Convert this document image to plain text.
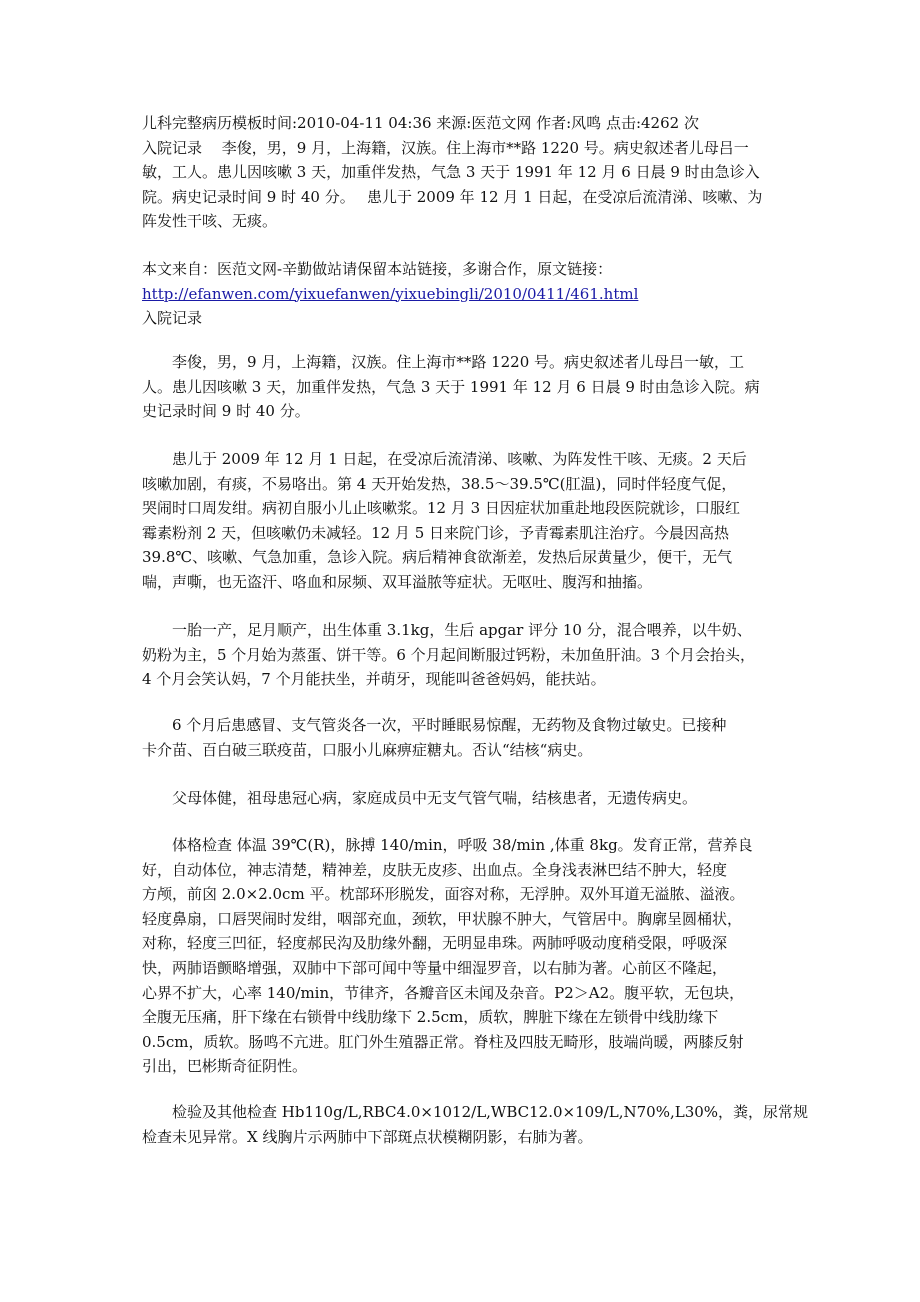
儿科完整病历模板时间:2010-04-11 04:36 来源:医范文网 作者:风鸣 点击:4262 次
入院记录　 李俊，男，9 月，上海籍，汉族。住上海市**路 1220 号。病史叙述者儿母吕一
敏，工人。患儿因咳嗽 3 天，加重伴发热，气急 3 天于 1991 年 12 月 6 日晨 9 时由急诊入
院。病史记录时间 9 时 40 分。　 患儿于 2009 年 12 月 1 日起，在受凉后流清涕、咳嗽、为
阵发性干咳、无痰。
本文来自：医范文网-辛勤做站请保留本站链接，多谢合作，原文链接：
http://efanwen.com/yixuefanwen/yixuebingli/2010/0411/461.html
入院记录
李俊，男，9 月，上海籍，汉族。住上海市**路 1220 号。病史叙述者儿母吕一敏，工
人。患儿因咳嗽 3 天，加重伴发热，气急 3 天于 1991 年 12 月 6 日晨 9 时由急诊入院。病
史记录时间 9 时 40 分。
患儿于 2009 年 12 月 1 日起，在受凉后流清涕、咳嗽、为阵发性干咳、无痰。2 天后
咳嗽加剧，有痰，不易咯出。第 4 天开始发热，38.5～39.5℃(肛温)，同时伴轻度气促，
哭闹时口周发绀。病初自服小儿止咳嗽浆。12 月 3 日因症状加重赴地段医院就诊，口服红
霉素粉剂 2 天，但咳嗽仍未减轻。12 月 5 日来院门诊，予青霉素肌注治疗。今晨因高热
39.8℃、咳嗽、气急加重，急诊入院。病后精神食欲渐差，发热后尿黄量少，便干，无气
喘，声嘶，也无盗汗、咯血和尿频、双耳溢脓等症状。无呕吐、腹泻和抽搐。
一胎一产，足月顺产，出生体重 3.1kg，生后 apgar 评分 10 分，混合喂养，以牛奶、
奶粉为主，5 个月始为蒸蛋、饼干等。6 个月起间断服过钙粉，未加鱼肝油。3 个月会抬头，
4 个月会笑认妈，7 个月能扶坐，并萌牙，现能叫爸爸妈妈，能扶站。
6 个月后患感冒、支气管炎各一次，平时睡眠易惊醒，无药物及食物过敏史。已接种
卡介苗、百白破三联疫苗，口服小儿麻痹症糖丸。否认“结核“病史。
父母体健，祖母患冠心病，家庭成员中无支气管气喘，结核患者，无遗传病史。
体格检查 体温 39℃(R)，脉搏 140/min，呼吸 38/min ,体重 8kg。发育正常，营养良
好，自动体位，神志清楚，精神差，皮肤无皮疹、出血点。全身浅表淋巴结不肿大，轻度
方颅，前囟 2.0×2.0cm 平。枕部环形脱发，面容对称，无浮肿。双外耳道无溢脓、溢液。
轻度鼻扇，口唇哭闹时发绀，咽部充血，颈软，甲状腺不肿大，气管居中。胸廓呈圆桶状，
对称，轻度三凹征，轻度郝民沟及肋缘外翻，无明显串珠。两肺呼吸动度稍受限，呼吸深
快，两肺语颤略增强，双肺中下部可闻中等量中细湿罗音，以右肺为著。心前区不隆起，
心界不扩大，心率 140/min，节律齐，各瓣音区未闻及杂音。P2＞A2。腹平软，无包块，
全腹无压痛，肝下缘在右锁骨中线肋缘下 2.5cm，质软，脾脏下缘在左锁骨中线肋缘下
0.5cm，质软。肠鸣不亢进。肛门外生殖器正常。脊柱及四肢无畸形，肢端尚暖，两膝反射
引出，巴彬斯奇征阴性。
检验及其他检查 Hb110g/L,RBC4.0×1012/L,WBC12.0×109/L,N70%,L30%，粪，尿常规
检查未见异常。X 线胸片示两肺中下部斑点状模糊阴影，右肺为著。
